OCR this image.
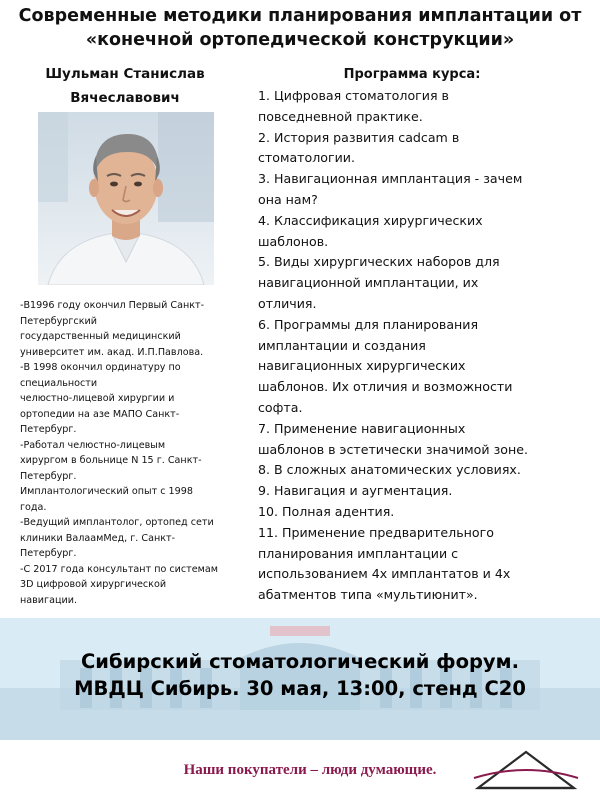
Современные методики планирования имплантации от
«конечной ортопедической конструкции»
Шульман Станислав
Вячеславович
-В1996 году окончил Первый Санкт-
Петербургский
государственный медицинский
университет им. акад. И.П.Павлова.
-В 1998 окончил ординатуру по
специальности
челюстно-лицевой хирургии и
ортопедии на азе МАПО Санкт-
Петербург.
-Работал челюстно-лицевым
хирургом в больнице N 15 г. Санкт-
Петербург.
Имплантологический опыт с 1998
года.
-Ведущий имплантолог, ортопед сети
клиники ВалаамМед, г. Санкт-
Петербург.
-С 2017 года консультант по системам
3D цифровой хирургической
навигации.
Программа курса:
1. Цифровая стоматология в
повседневной практике.
2. История развития cadcam в
стоматологии.
3. Навигационная имплантация - зачем
она нам?
4. Классификация хирургических
шаблонов.
5. Виды хирургических наборов для
навигационной имплантации, их
отличия.
6. Программы для планирования
имплантации и создания
навигационных хирургических
шаблонов. Их отличия и возможности
софта.
7. Применение навигационных
шаблонов в эстетически значимой зоне.
8. В сложных анатомических условиях.
9. Навигация и аугментация.
10. Полная адентия.
11. Применение предварительного
планирования имплантации с
использованием 4х имплантатов и 4х
абатментов типа «мультиюнит».
Сибирский стоматологический форум.
МВДЦ Сибирь. 30 мая, 13:00, стенд С20
Наши покупатели – люди думающие.
